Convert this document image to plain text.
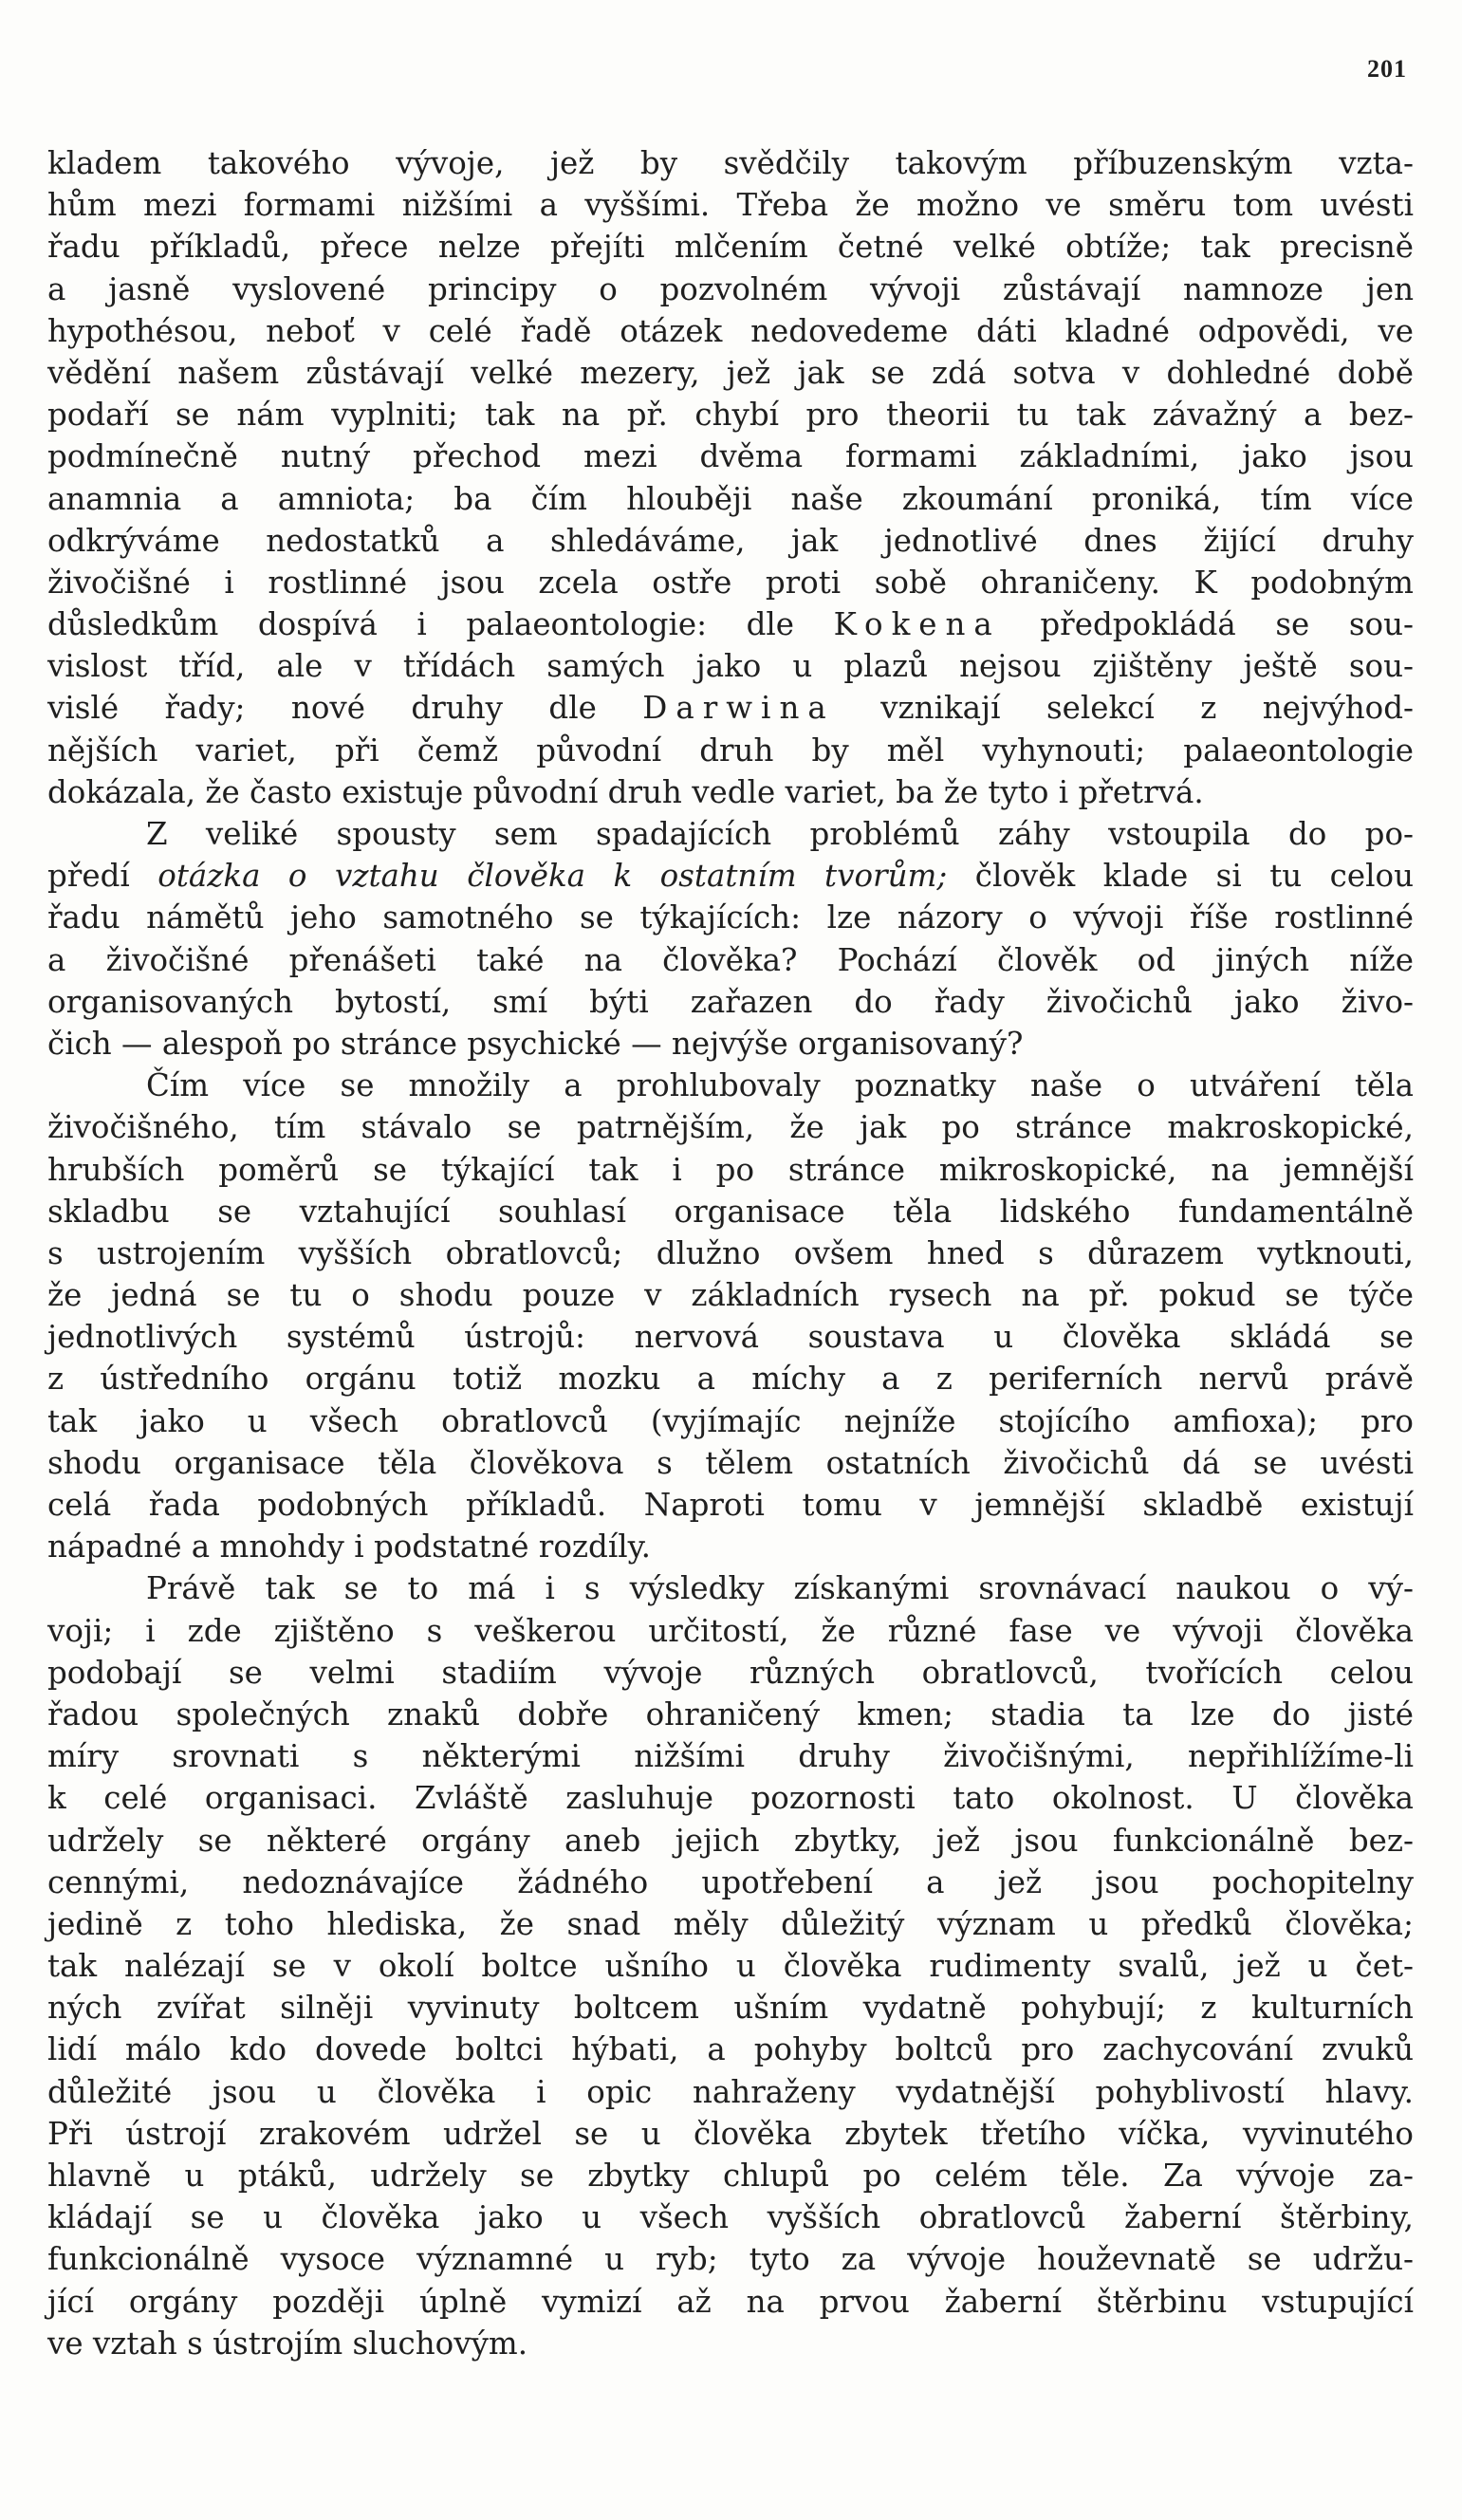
201
kladem takového vývoje, jež by svědčily takovým příbuzenským vzta-
hům mezi formami nižšími a vyššími. Třeba že možno ve směru tom uvésti
řadu příkladů, přece nelze přejíti mlčením četné velké obtíže; tak precisně
a jasně vyslovené principy o pozvolném vývoji zůstávají namnoze jen
hypothésou, neboť v celé řadě otázek nedovedeme dáti kladné odpovědi, ve
vědění našem zůstávají velké mezery, jež jak se zdá sotva v dohledné době
podaří se nám vyplniti; tak na př. chybí pro theorii tu tak závažný a bez-
podmínečně nutný přechod mezi dvěma formami základními, jako jsou
anamnia a amniota; ba čím hlouběji naše zkoumání proniká, tím více
odkrýváme nedostatků a shledáváme, jak jednotlivé dnes žijící druhy
živočišné i rostlinné jsou zcela ostře proti sobě ohraničeny. K podobným
důsledkům dospívá i palaeontologie: dle Kokena předpokládá se sou-
vislost tříd, ale v třídách samých jako u plazů nejsou zjištěny ještě sou-
vislé řady; nové druhy dle Darwina vznikají selekcí z nejvýhod-
nějších variet, při čemž původní druh by měl vyhynouti; palaeontologie
dokázala, že často existuje původní druh vedle variet, ba že tyto i přetrvá.
Z veliké spousty sem spadajících problémů záhy vstoupila do po-
předí otázka o vztahu člověka k ostatním tvorům; člověk klade si tu celou
řadu námětů jeho samotného se týkajících: lze názory o vývoji říše rostlinné
a živočišné přenášeti také na člověka? Pochází člověk od jiných níže
organisovaných bytostí, smí býti zařazen do řady živočichů jako živo-
čich — alespoň po stránce psychické — nejvýše organisovaný?
Čím více se množily a prohlubovaly poznatky naše o utváření těla
živočišného, tím stávalo se patrnějším, že jak po stránce makroskopické,
hrubších poměrů se týkající tak i po stránce mikroskopické, na jemnější
skladbu se vztahující souhlasí organisace těla lidského fundamentálně
s ustrojením vyšších obratlovců; dlužno ovšem hned s důrazem vytknouti,
že jedná se tu o shodu pouze v základních rysech na př. pokud se týče
jednotlivých systémů ústrojů: nervová soustava u člověka skládá se
z ústředního orgánu totiž mozku a míchy a z periferních nervů právě
tak jako u všech obratlovců (vyjímajíc nejníže stojícího amfioxa); pro
shodu organisace těla člověkova s tělem ostatních živočichů dá se uvésti
celá řada podobných příkladů. Naproti tomu v jemnější skladbě existují
nápadné a mnohdy i podstatné rozdíly.
Právě tak se to má i s výsledky získanými srovnávací naukou o vý-
voji; i zde zjištěno s veškerou určitostí, že různé fase ve vývoji člověka
podobají se velmi stadiím vývoje různých obratlovců, tvořících celou
řadou společných znaků dobře ohraničený kmen; stadia ta lze do jisté
míry srovnati s některými nižšími druhy živočišnými, nepřihlížíme-li
k celé organisaci. Zvláště zasluhuje pozornosti tato okolnost. U člověka
udržely se některé orgány aneb jejich zbytky, jež jsou funkcionálně bez-
cennými, nedoznávajíce žádného upotřebení a jež jsou pochopitelny
jedině z toho hlediska, že snad měly důležitý význam u předků člověka;
tak nalézají se v okolí boltce ušního u člověka rudimenty svalů, jež u čet-
ných zvířat silněji vyvinuty boltcem ušním vydatně pohybují; z kulturních
lidí málo kdo dovede boltci hýbati, a pohyby boltců pro zachycování zvuků
důležité jsou u člověka i opic nahraženy vydatnější pohyblivostí hlavy.
Při ústrojí zrakovém udržel se u člověka zbytek třetího víčka, vyvinutého
hlavně u ptáků, udržely se zbytky chlupů po celém těle. Za vývoje za-
kládají se u člověka jako u všech vyšších obratlovců žaberní štěrbiny,
funkcionálně vysoce významné u ryb; tyto za vývoje houževnatě se udržu-
jící orgány později úplně vymizí až na prvou žaberní štěrbinu vstupující
ve vztah s ústrojím sluchovým.
